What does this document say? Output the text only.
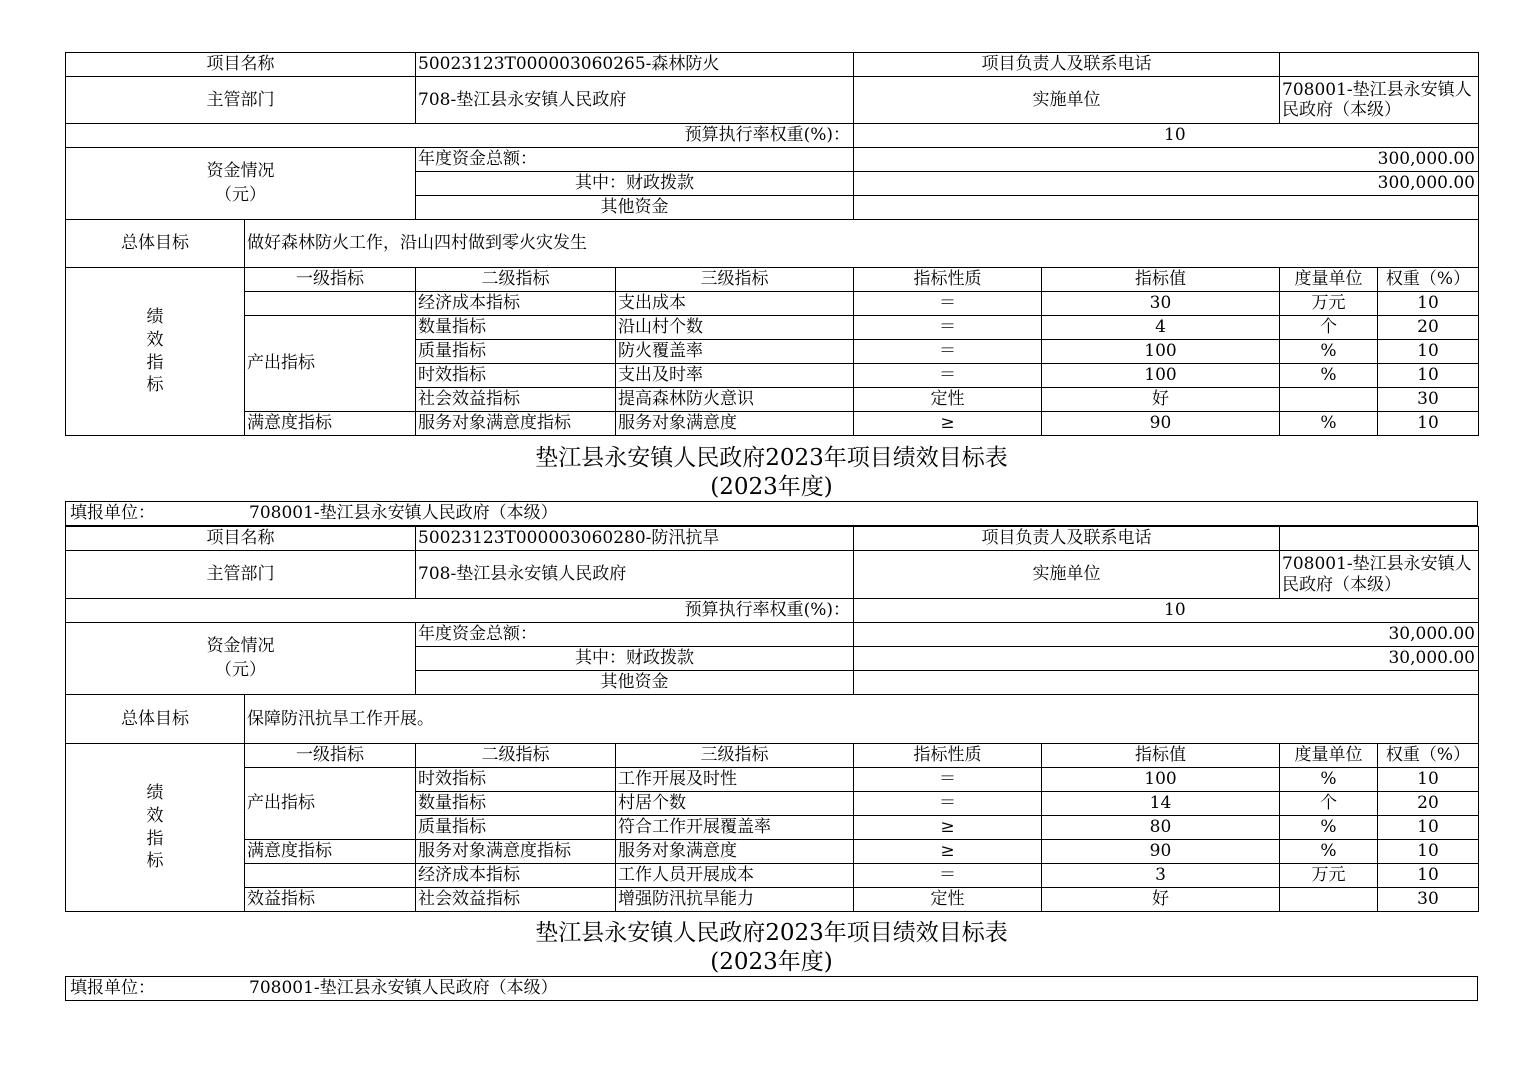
项目名称		50023123T000003060265-森林防火		项目负责人及联系电话			
主管部门		708-垫江县永安镇人民政府		实施单位		708001-垫江县永安镇人民政府（本级）	
预算执行率权重(%)：				10			

资金情况
（元）		年度资金总额：		300,000.00			
		其中：财政拨款		300,000.00			
		其他资金					
总体目标	做好森林防火工作，沿山四村做到零火灾发生						

绩
效
指
标	一级指标	二级指标	三级指标	指标性质	指标值	度量单位	权重（%）
		经济成本指标	支出成本	＝	30	万元	10
	产出指标	数量指标	沿山村个数	＝	4	个	20
		质量指标	防火覆盖率	＝	100	%	10
		时效指标	支出及时率	＝	100	%	10
		社会效益指标	提高森林防火意识	定性	好		30
	满意度指标	服务对象满意度指标	服务对象满意度	≥	90	%	10
垫江县永安镇人民政府2023年项目绩效目标表
(2023年度)
填报单位：	708001-垫江县永安镇人民政府（本级）
项目名称		50023123T000003060280-防汛抗旱		项目负责人及联系电话			
主管部门		708-垫江县永安镇人民政府		实施单位		708001-垫江县永安镇人民政府（本级）	
预算执行率权重(%)：				10			

资金情况
（元）		年度资金总额：		30,000.00			
		其中：财政拨款		30,000.00			
		其他资金					
总体目标	保障防汛抗旱工作开展。						

绩
效
指
标	一级指标	二级指标	三级指标	指标性质	指标值	度量单位	权重（%）
	产出指标	时效指标	工作开展及时性	＝	100	%	10
		数量指标	村居个数	＝	14	个	20
		质量指标	符合工作开展覆盖率	≥	80	%	10
	满意度指标	服务对象满意度指标	服务对象满意度	≥	90	%	10
		经济成本指标	工作人员开展成本	＝	3	万元	10
	效益指标	社会效益指标	增强防汛抗旱能力	定性	好		30
垫江县永安镇人民政府2023年项目绩效目标表
(2023年度)
填报单位：	708001-垫江县永安镇人民政府（本级）
